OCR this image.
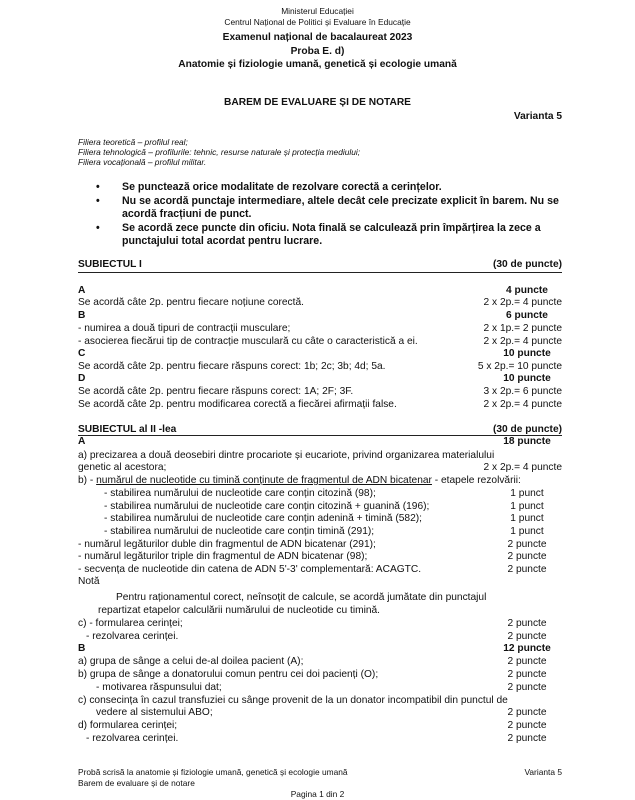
Ministerul Educației
Centrul Național de Politici și Evaluare în Educație
Examenul național de bacalaureat 2023
Proba E. d)
Anatomie și fiziologie umană, genetică și ecologie umană
BAREM DE EVALUARE ȘI DE NOTARE
Varianta 5
Filiera teoretică – profilul real;
Filiera tehnologică – profilurile: tehnic, resurse naturale și protecția mediului;
Filiera vocațională – profilul militar.
• Se punctează orice modalitate de rezolvare corectă a cerințelor.
• Nu se acordă punctaje intermediare, altele decât cele precizate explicit în barem. Nu se acordă fracțiuni de punct.
• Se acordă zece puncte din oficiu. Nota finală se calculează prin împărțirea la zece a punctajului total acordat pentru lucrare.
SUBIECTUL I	(30 de puncte)
A	4 puncte
Se acordă câte 2p. pentru fiecare noțiune corectă.	2 x 2p.= 4 puncte
B	6 puncte
- numirea a două tipuri de contracții musculare;	2 x 1p.= 2 puncte
- asocierea fiecărui tip de contracție musculară cu câte o caracteristică a ei.	2 x 2p.= 4 puncte
C	10 puncte
Se acordă câte 2p. pentru fiecare răspuns corect: 1b; 2c; 3b; 4d; 5a.	5 x 2p.= 10 puncte
D	10 puncte
Se acordă câte 2p. pentru fiecare răspuns corect: 1A; 2F; 3F.	3 x 2p.= 6 puncte
Se acordă câte 2p. pentru modificarea corectă a fiecărei afirmații false.	2 x 2p.= 4 puncte
SUBIECTUL al II -lea	(30 de puncte)
A	18 puncte
a) precizarea a două deosebiri dintre procariote și eucariote, privind organizarea materialului
genetic al acestora;	2 x 2p.= 4 puncte
b) - numărul de nucleotide cu timină conținute de fragmentul de ADN bicatenar - etapele rezolvării:
- stabilirea numărului de nucleotide care conțin citozină (98);	1 punct
- stabilirea numărului de nucleotide care conțin citozină + guanină (196);	1 punct
- stabilirea numărului de nucleotide care conțin adenină + timină (582);	1 punct
- stabilirea numărului de nucleotide care conțin timină (291);	1 punct
- numărul legăturilor duble din fragmentul de ADN bicatenar (291);	2 puncte
- numărul legăturilor triple din fragmentul de ADN bicatenar (98);	2 puncte
- secvența de nucleotide din catena de ADN 5'-3' complementară: ACAGTC.	2 puncte
Notă
Pentru raționamentul corect, neînsoțit de calcule, se acordă jumătate din punctajul
repartizat etapelor calculării numărului de nucleotide cu timină.
c) - formularea cerinței;	2 puncte
- rezolvarea cerinței.	2 puncte
B	12 puncte
a) grupa de sânge a celui de-al doilea pacient (A);	2 puncte
b) grupa de sânge a donatorului comun pentru cei doi pacienți (O);	2 puncte
- motivarea răspunsului dat;	2 puncte
c) consecința în cazul transfuziei cu sânge provenit de la un donator incompatibil din punctul de
vedere al sistemului ABO;	2 puncte
d) formularea cerinței;	2 puncte
- rezolvarea cerinței.	2 puncte
Probă scrisă la anatomie și fiziologie umană, genetică și ecologie umană
Barem de evaluare și de notare
Varianta 5
Pagina 1 din 2
